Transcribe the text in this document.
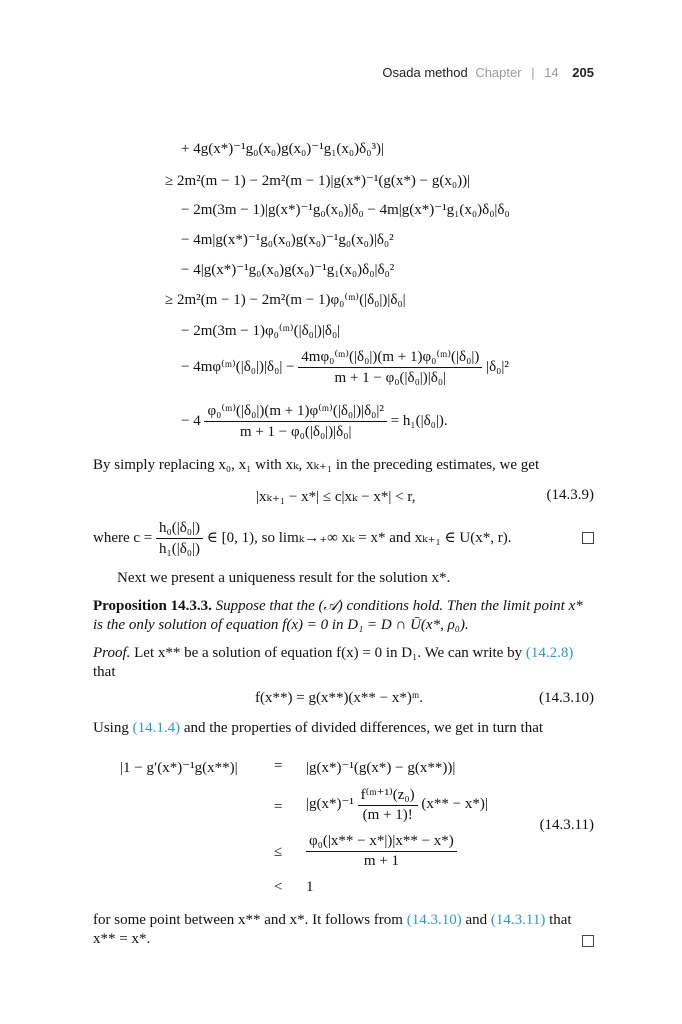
Osada method Chapter | 14 205
+ 4g(x*)⁻¹g₀(x₀)g(x₀)⁻¹g₁(x₀)δ₀³)|
≥ 2m²(m − 1) − 2m²(m − 1)|g(x*)⁻¹(g(x*) − g(x₀))|
− 2m(3m − 1)|g(x*)⁻¹g₀(x₀)|δ₀ − 4m|g(x*)⁻¹g₁(x₀)δ₀|δ₀
− 4m|g(x*)⁻¹g₀(x₀)g(x₀)⁻¹g₀(x₀)|δ₀²
− 4|g(x*)⁻¹g₀(x₀)g(x₀)⁻¹g₁(x₀)δ₀|δ₀²
≥ 2m²(m − 1) − 2m²(m − 1)φ₀⁽ᵐ⁾(|δ₀|)|δ₀|
− 2m(3m − 1)φ₀⁽ᵐ⁾(|δ₀|)|δ₀|
− 4mφ⁽ᵐ⁾(|δ₀|)|δ₀| − $\frac{\text{4mφ₀⁽ᵐ⁾(|δ₀|)(m + 1)φ₀⁽ᵐ⁾(|δ₀|)}}{\text{m + 1 − φ₀(|δ₀|)|δ₀|}} |\delta_0|^2$
− $4 \frac{\text{φ₀⁽ᵐ⁾(|δ₀|)(m + 1)φ⁽ᵐ⁾(|δ₀|)|δ₀|²}}{\text{m + 1 − φ₀(|δ₀|)|δ₀|}} = h_1(|\delta_0|)$.
By simply replacing x₀, x₁ with xₖ, xₖ₊₁ in the preceding estimates, we get
|xₖ₊₁ − x*| ≤ c|xₖ − x*| < r,	(14.3.9)
where $c = \frac{\text{h₀(|δ₀|)}}{\text{h₁(|δ₀|)}}$ ∈ [0, 1), so limₖ→₊∞ xₖ = x* and xₖ₊₁ ∈ U(x*, r).
Next we present a uniqueness result for the solution x*.
Proposition 14.3.3. Suppose that the (𝒜) conditions hold. Then the limit point x* is the only solution of equation f(x) = 0 in D₁ = D ∩ Ū(x*, ρ₀).
Proof. Let x** be a solution of equation f(x) = 0 in D₁. We can write by (14.2.8) that
f(x**) = g(x**)(x** − x*)ᵐ.	(14.3.10)
Using (14.1.4) and the properties of divided differences, we get in turn that
|1 − g′(x*)⁻¹g(x**)| = |g(x*)⁻¹(g(x*) − g(x**))|
= $|g(x*)^{-1} \frac{\text{f⁽ᵐ⁺¹⁾(z₀)}}{(m + 1)!} (x** - x*)|$
(14.3.11)
≤ $\frac{\text{φ₀(|x** − x*|)|x** − x*)}}{m + 1}$
< 1
for some point between x** and x*. It follows from (14.3.10) and (14.3.11) that
x** = x*.
